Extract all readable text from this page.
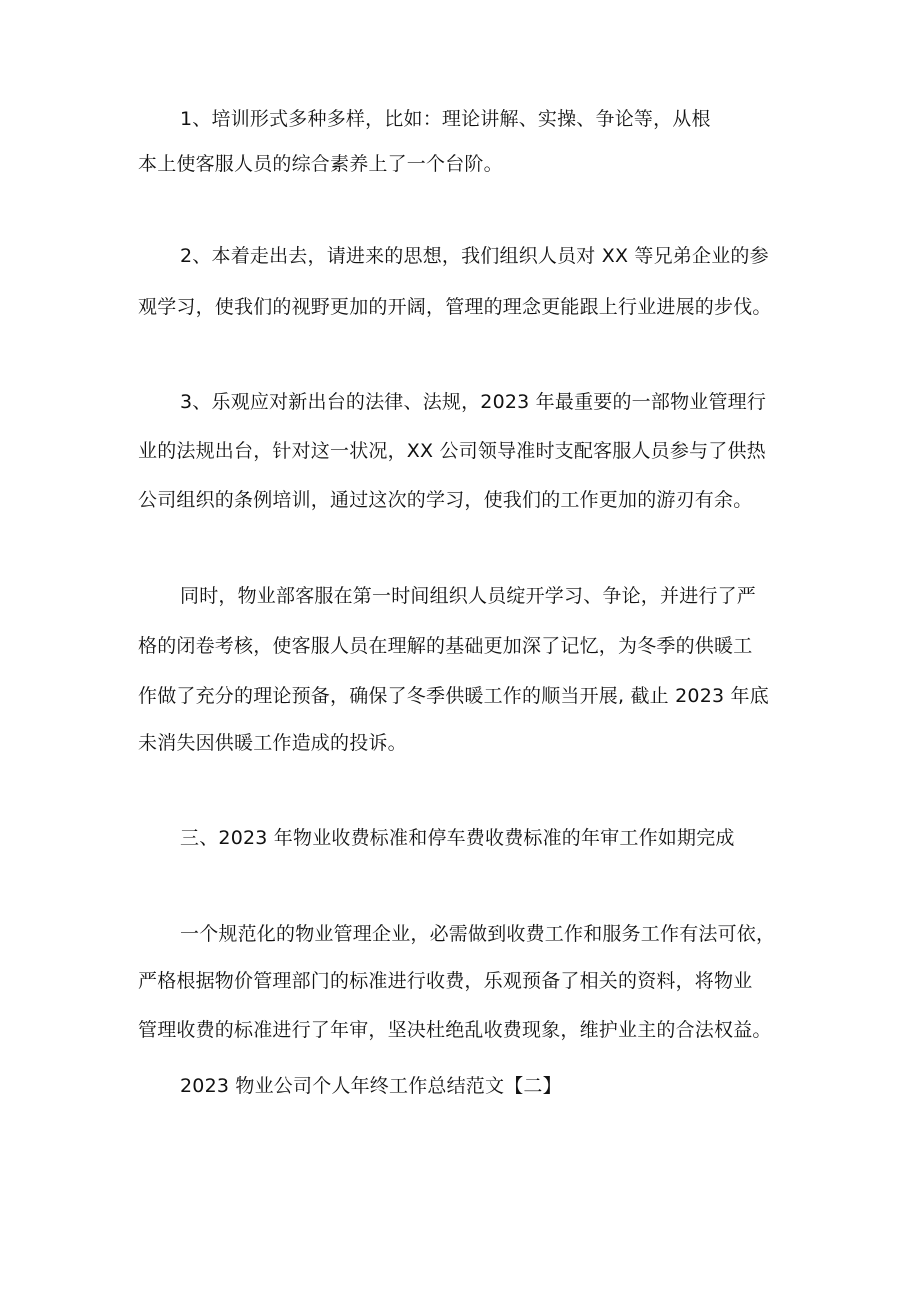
1、培训形式多种多样，比如：理论讲解、实操、争论等，从根
本上使客服人员的综合素养上了一个台阶。
2、本着走出去，请进来的思想，我们组织人员对 XX 等兄弟企业的参
观学习，使我们的视野更加的开阔，管理的理念更能跟上行业进展的步伐。
3、乐观应对新出台的法律、法规，2023 年最重要的一部物业管理行
业的法规出台，针对这一状况，XX 公司领导准时支配客服人员参与了供热
公司组织的条例培训，通过这次的学习，使我们的工作更加的游刃有余。
同时，物业部客服在第一时间组织人员绽开学习、争论，并进行了严
格的闭卷考核，使客服人员在理解的基础更加深了记忆，为冬季的供暖工
作做了充分的理论预备，确保了冬季供暖工作的顺当开展, 截止 2023 年底
未消失因供暖工作造成的投诉。
三、2023 年物业收费标准和停车费收费标准的年审工作如期完成
一个规范化的物业管理企业，必需做到收费工作和服务工作有法可依，
严格根据物价管理部门的标准进行收费，乐观预备了相关的资料，将物业
管理收费的标准进行了年审，坚决杜绝乱收费现象，维护业主的合法权益。
2023 物业公司个人年终工作总结范文【二】
